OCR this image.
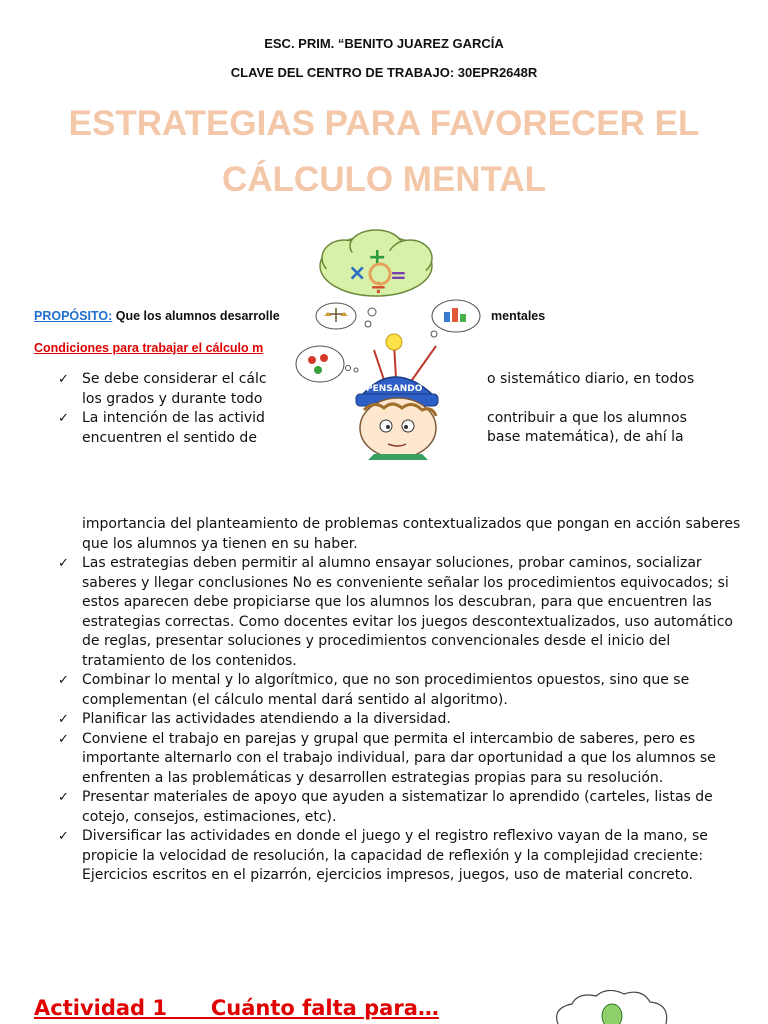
ESC. PRIM. “BENITO JUAREZ GARCÍA
CLAVE DEL CENTRO DE TRABAJO: 30EPR2648R
ESTRATEGIAS PARA FAVORECER EL
CÁLCULO MENTAL
PROPÓSITO: Que los alumnos desarrolle	mentales
Condiciones para trabajar el cálculo m
✓ Se debe considerar el cálc
los grados y durante todo
✓ La intención de las activid
encuentren el sentido de
o sistemático diario, en todos
contribuir a que los alumnos
base matemática), de ahí la
×
+
=
÷
PENSANDO
importancia del planteamiento de problemas contextualizados que pongan en acción saberes que los alumnos ya tienen en su haber.
✓ Las estrategias deben permitir al alumno ensayar soluciones, probar caminos, socializar saberes y llegar conclusiones No es conveniente señalar los procedimientos equivocados; si estos aparecen debe propiciarse que los alumnos los descubran, para que encuentren las estrategias correctas. Como docentes evitar los juegos descontextualizados, uso automático de reglas, presentar soluciones y procedimientos convencionales desde el inicio del tratamiento de los contenidos.
✓ Combinar lo mental y lo algorítmico, que no son procedimientos opuestos, sino que se complementan (el cálculo mental dará sentido al algoritmo).
✓ Planificar las actividades atendiendo a la diversidad.
✓ Conviene el trabajo en parejas y grupal que permita el intercambio de saberes, pero es importante alternarlo con el trabajo individual, para dar oportunidad a que los alumnos se enfrenten a las problemáticas y desarrollen estrategias propias para su resolución.
✓ Presentar materiales de apoyo que ayuden a sistematizar lo aprendido (carteles, listas de cotejo, consejos, estimaciones, etc).
✓ Diversificar las actividades en donde el juego y el registro reflexivo vayan de la mano, se propicie la velocidad de resolución, la capacidad de reflexión y la complejidad creciente: Ejercicios escritos en el pizarrón, ejercicios impresos, juegos, uso de material concreto.
Actividad 1 Cuánto falta para…
